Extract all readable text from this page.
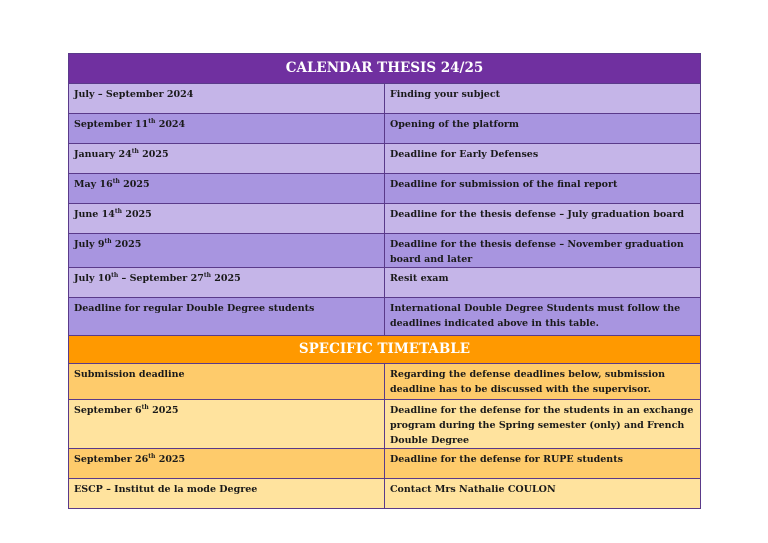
CALENDAR THESIS 24/25	
July – September 2024	Finding your subject
September 11th 2024	Opening of the platform
January 24th 2025	Deadline for Early Defenses
May 16th 2025	Deadline for submission of the final report
June 14th 2025	Deadline for the thesis defense – July graduation board
July 9th 2025	Deadline for the thesis defense – November graduation board and later
July 10th – September 27th 2025	Resit exam
Deadline for regular Double Degree students	International Double Degree Students must follow the deadlines indicated above in this table.
SPECIFIC TIMETABLE	
Submission deadline	Regarding the defense deadlines below, submission deadline has to be discussed with the supervisor.
September 6th 2025	Deadline for the defense for the students in an exchange program during the Spring semester (only) and French Double Degree
September 26th 2025	Deadline for the defense for RUPE students
ESCP – Institut de la mode Degree	Contact Mrs Nathalie COULON
